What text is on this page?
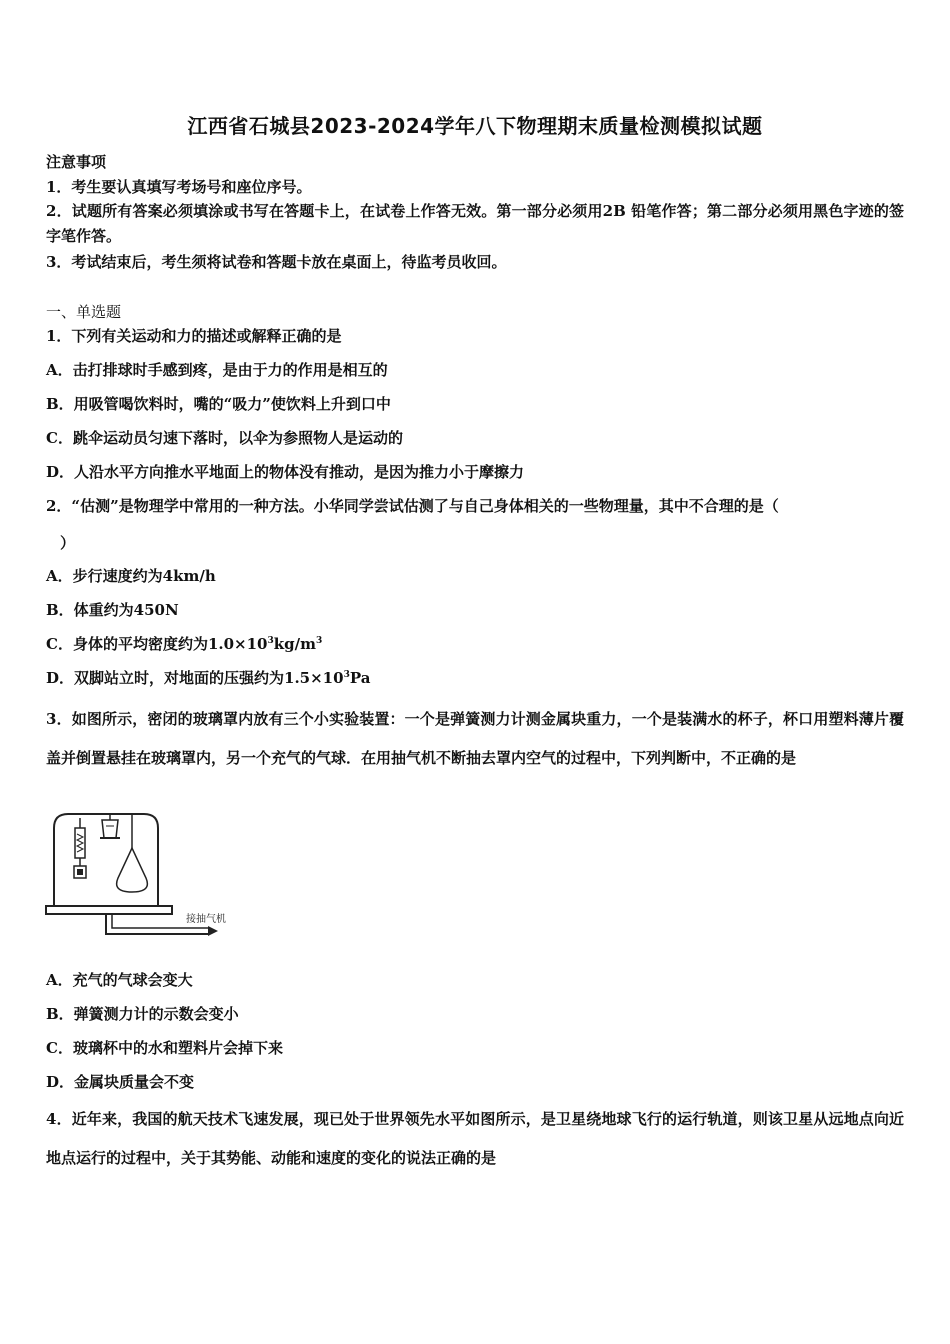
江西省石城县2023-2024学年八下物理期末质量检测模拟试题
注意事项
1．考生要认真填写考场号和座位序号。
2．试题所有答案必须填涂或书写在答题卡上，在试卷上作答无效。第一部分必须用2B 铅笔作答；第二部分必须用黑色字迹的签字笔作答。
3．考试结束后，考生须将试卷和答题卡放在桌面上，待监考员收回。
一、单选题
1．下列有关运动和力的描述或解释正确的是
A．击打排球时手感到疼，是由于力的作用是相互的
B．用吸管喝饮料时，嘴的“吸力”使饮料上升到口中
C．跳伞运动员匀速下落时，以伞为参照物人是运动的
D．人沿水平方向推水平地面上的物体没有推动，是因为推力小于摩擦力
2．“估测”是物理学中常用的一种方法。小华同学尝试估测了与自己身体相关的一些物理量，其中不合理的是（
）
A．步行速度约为4km/h
B．体重约为450N
C．身体的平均密度约为$1.0\times 10^3kg/m^3$
D．双脚站立时，对地面的压强约为$1.5\times 10^3Pa$
3．如图所示，密闭的玻璃罩内放有三个小实验装置：一个是弹簧测力计测金属块重力，一个是装满水的杯子，杯口用塑料薄片覆盖并倒置悬挂在玻璃罩内，另一个充气的气球．在用抽气机不断抽去罩内空气的过程中，下列判断中，不正确的是
接抽气机
A．充气的气球会变大
B．弹簧测力计的示数会变小
C．玻璃杯中的水和塑料片会掉下来
D．金属块质量会不变
4．近年来，我国的航天技术飞速发展，现已处于世界领先水平如图所示，是卫星绕地球飞行的运行轨道，则该卫星从远地点向近地点运行的过程中，关于其势能、动能和速度的变化的说法正确的是
